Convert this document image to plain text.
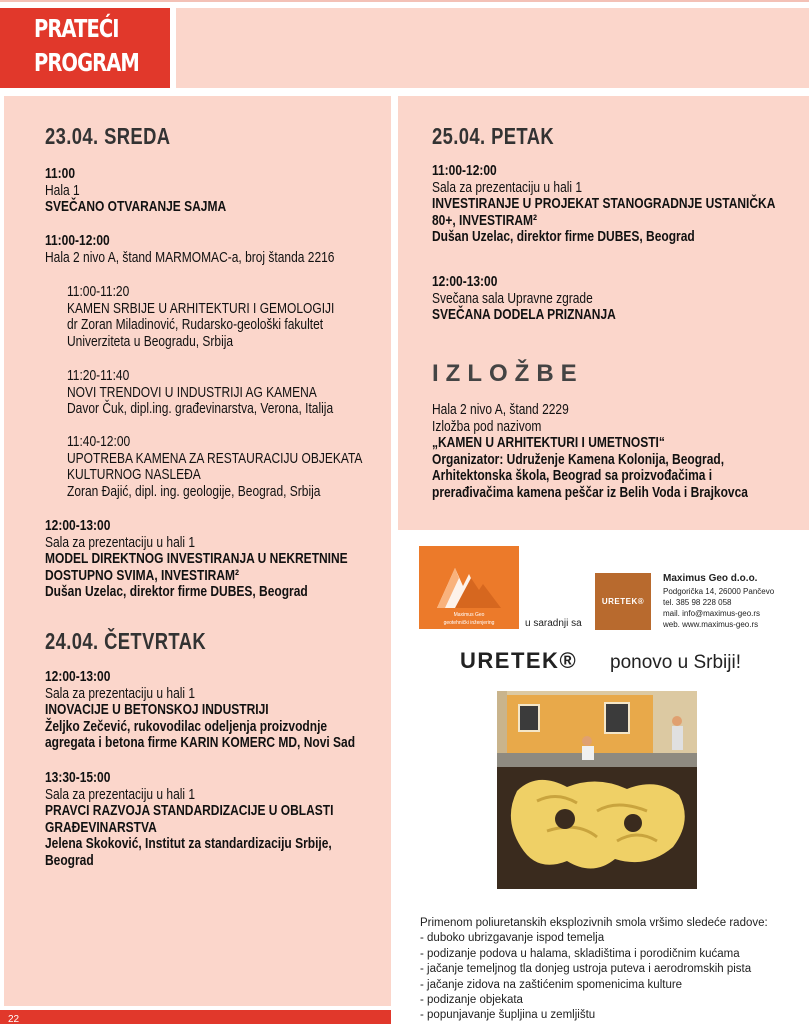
PRATEĆI
PROGRAM
23.04. SREDA
11:00
Hala 1
SVEČANO OTVARANJE SAJMA
11:00-12:00
Hala 2 nivo A, štand MARMOMAC-a, broj štanda 2216
11:00-11:20
KAMEN SRBIJE U ARHITEKTURI I GEMOLOGIJI
dr Zoran Miladinović, Rudarsko-geološki fakultet
Univerziteta u Beogradu, Srbija
11:20-11:40
NOVI TRENDOVI U INDUSTRIJI AG KAMENA
Davor Čuk, dipl.ing. građevinarstva, Verona, Italija
11:40-12:00
UPOTREBA KAMENA ZA RESTAURACIJU OBJEKATA
KULTURNOG NASLEĐA
Zoran Đajić, dipl. ing. geologije, Beograd, Srbija
12:00-13:00
Sala za prezentaciju u hali 1
MODEL DIREKTNOG INVESTIRANJA U NEKRETNINE
DOSTUPNO SVIMA, INVESTIRAM²
Dušan Uzelac, direktor firme DUBES, Beograd
24.04. ČETVRTAK
12:00-13:00
Sala za prezentaciju u hali 1
INOVACIJE U BETONSKOJ INDUSTRIJI
Željko Zečević, rukovodilac odeljenja proizvodnje
agregata i betona firme KARIN KOMERC MD, Novi Sad
13:30-15:00
Sala za prezentaciju u hali 1
PRAVCI RAZVOJA STANDARDIZACIJE U OBLASTI
GRAĐEVINARSTVA
Jelena Skoković, Institut za standardizaciju Srbije,
Beograd
25.04. PETAK
11:00-12:00
Sala za prezentaciju u hali 1
INVESTIRANJE U PROJEKAT STANOGRADNJE USTANIČKA
80+, INVESTIRAM²
Dušan Uzelac, direktor firme DUBES, Beograd
12:00-13:00
Svečana sala Upravne zgrade
SVEČANA DODELA PRIZNANJA
IZLOŽBE
Hala 2 nivo A, štand 2229
Izložba pod nazivom
„KAMEN U ARHITEKTURI I UMETNOSTI“
Organizator: Udruženje Kamena Kolonija, Beograd,
Arhitektonska škola, Beograd sa proizvođačima i
prerađivačima kamena peščar iz Belih Voda i Brajkovca
Maximus Geo
geotehnički inženjering	u saradnji sa
URETEK®
Maximus Geo d.o.o.
Podgorička 14, 26000 Pančevo
tel. 385 98 228 058
mail. info@maximus-geo.rs
web. www.maximus-geo.rs
URETEK® ponovo u Srbiji!
Primenom poliuretanskih eksplozivnih smola vršimo sledeće radove:
- duboko ubrizgavanje ispod temelja
- podizanje podova u halama, skladištima i porodičnim kućama
- jačanje temeljnog tla donjeg ustroja puteva i aerodromskih pista
- jačanje zidova na zaštićenim spomenicima kulture
- podizanje objekata
- popunjavanje šupljina u zemljištu
22
